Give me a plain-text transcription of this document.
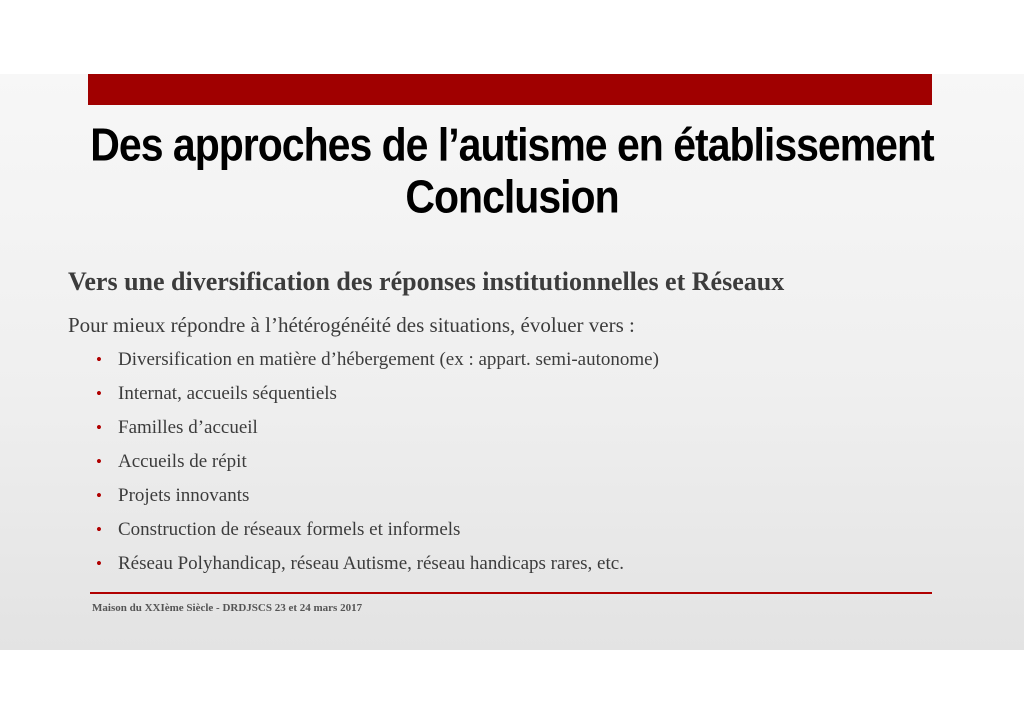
Des approches de l’autisme en établissement
Conclusion
Vers une diversification des réponses institutionnelles et Réseaux
Pour mieux répondre à l’hétérogénéité des situations, évoluer vers :
• Diversification en matière d’hébergement (ex : appart. semi-autonome)
• Internat, accueils séquentiels
• Familles d’accueil
• Accueils de répit
• Projets innovants
• Construction de réseaux formels et informels
• Réseau Polyhandicap, réseau Autisme, réseau handicaps rares, etc.
Maison du XXIème Siècle - DRDJSCS 23 et 24 mars 2017
